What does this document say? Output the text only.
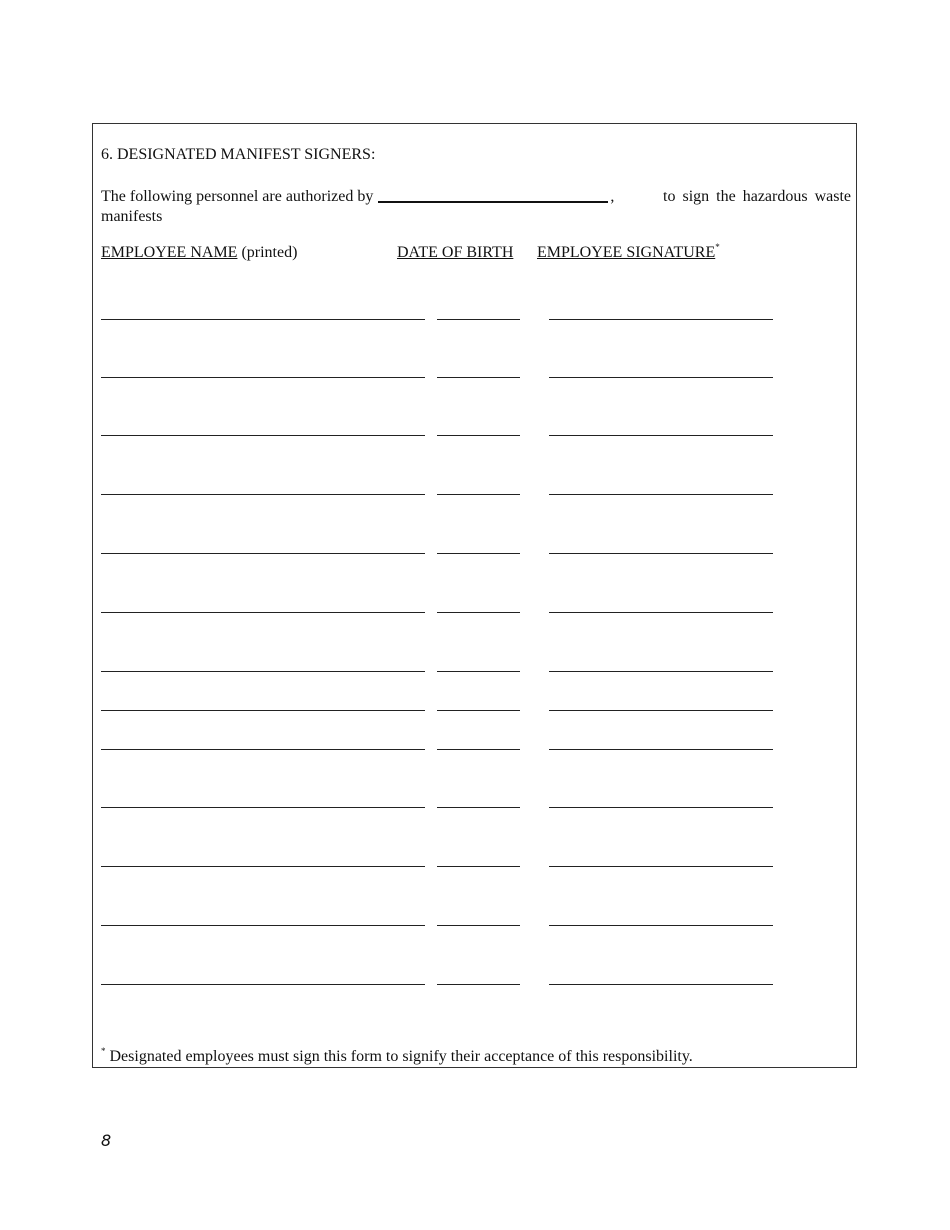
6. DESIGNATED MANIFEST SIGNERS:
The following personnel are authorized by	,	to sign the hazardous waste
manifests
EMPLOYEE NAME (printed)	DATE OF BIRTH EMPLOYEE SIGNATURE*
* Designated employees must sign this form to signify their acceptance of this responsibility.
8
